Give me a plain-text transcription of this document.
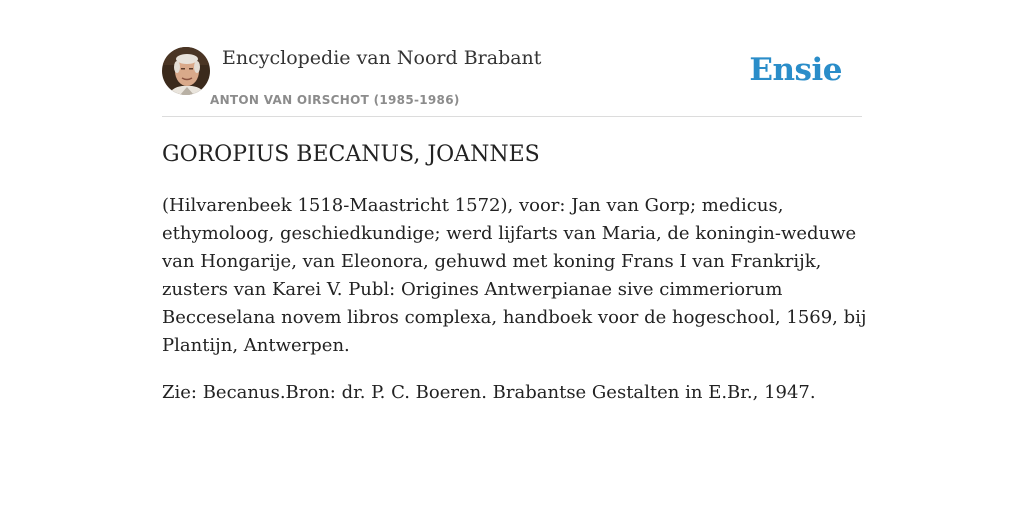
Encyclopedie van Noord Brabant
ANTON VAN OIRSCHOT (1985-1986)
Ensie
GOROPIUS BECANUS, JOANNES

(Hilvarenbeek 1518-Maastricht 1572), voor: Jan van Gorp; medicus, ethymoloog, geschiedkundige; werd lijfarts van Maria, de koningin-weduwe van Hongarije, van Eleonora, gehuwd met koning Frans I van Frankrijk, zusters van Karei V. Publ: Origines Antwerpianae sive cimmeriorum Becceselana novem libros complexa, handboek voor de hogeschool, 1569, bij Plantijn, Antwerpen.

Zie: Becanus.Bron: dr. P. C. Boeren. Brabantse Gestalten in E.Br., 1947.
